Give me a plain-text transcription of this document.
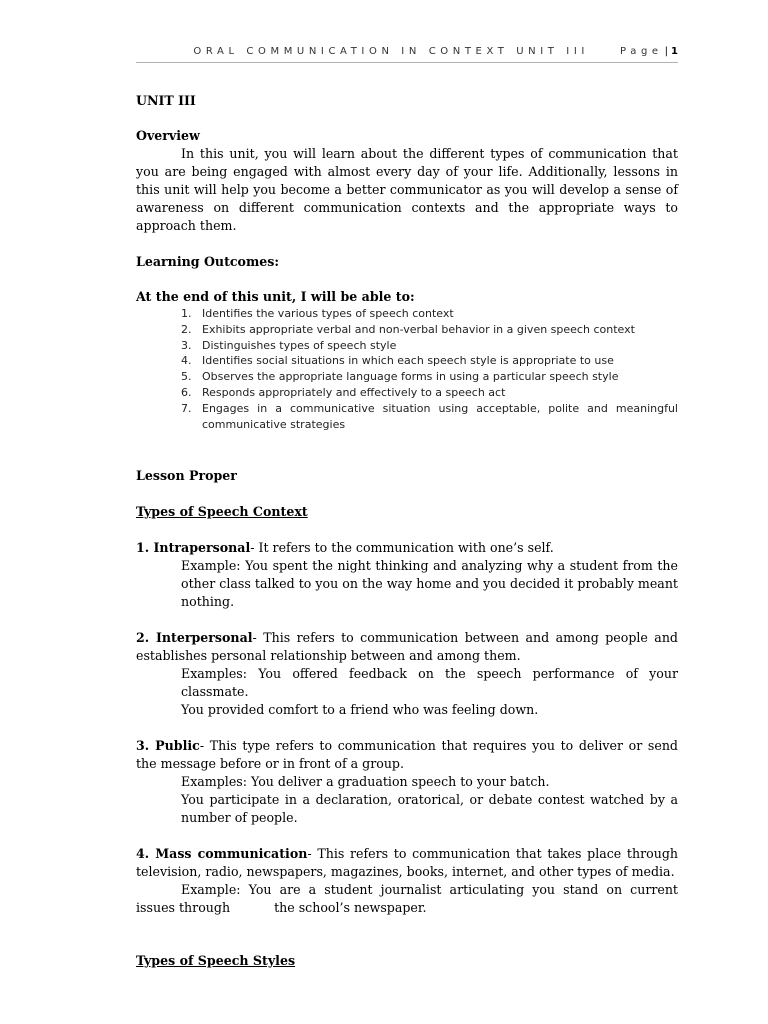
ORAL COMMUNICATION IN CONTEXT UNIT III	Page | 1

UNIT III

Overview

In this unit, you will learn about the different types of communication that you are being engaged with almost every day of your life. Additionally, lessons in this unit will help you become a better communicator as you will develop a sense of awareness on different communication contexts and the appropriate ways to approach them.

Learning Outcomes:

At the end of this unit, I will be able to:

1. Identifies the various types of speech context
2. Exhibits appropriate verbal and non-verbal behavior in a given speech context
3. Distinguishes types of speech style
4. Identifies social situations in which each speech style is appropriate to use
5. Observes the appropriate language forms in using a particular speech style
6. Responds appropriately and effectively to a speech act
7. Engages in a communicative situation using acceptable, polite and meaningful communicative strategies

Lesson Proper

Types of Speech Context

1. Intrapersonal- It refers to the communication with one’s self.

Example: You spent the night thinking and analyzing why a student from the other class talked to you on the way home and you decided it probably meant nothing.

2. Interpersonal- This refers to communication between and among people and establishes personal relationship between and among them.

Examples: You offered feedback on the speech performance of your classmate.

You provided comfort to a friend who was feeling down.

3. Public- This type refers to communication that requires you to deliver or send the message before or in front of a group.

Examples: You deliver a graduation speech to your batch.

You participate in a declaration, oratorical, or debate contest watched by a number of people.

4. Mass communication- This refers to communication that takes place through television, radio, newspapers, magazines, books, internet, and other types of media.

Example: You are a student journalist articulating you stand on current issues through	the school’s newspaper.

Types of Speech Styles
